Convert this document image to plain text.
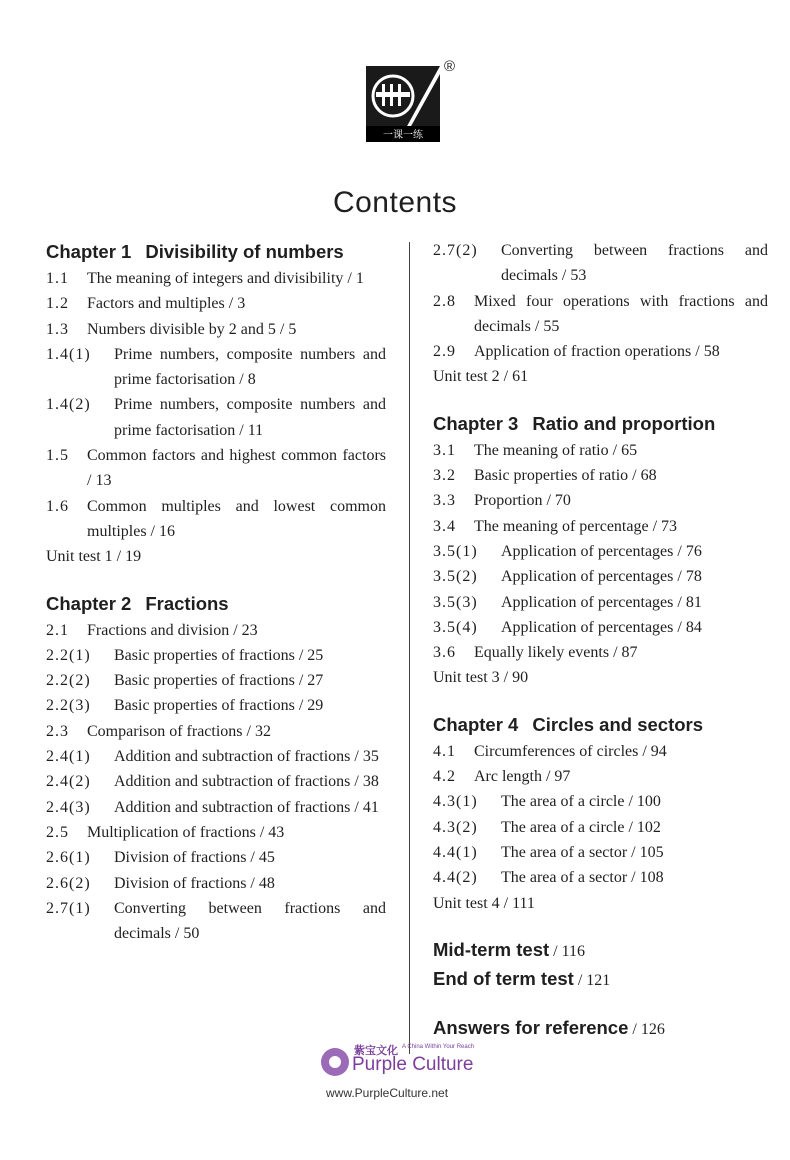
一课一练
®
Contents
Chapter 1 Divisibility of numbers
1.1	The meaning of integers and divisibility / 1
1.2	Factors and multiples / 3
1.3	Numbers divisible by 2 and 5 / 5
1.4(1)	Prime numbers, composite numbers and prime factorisation / 8
1.4(2)	Prime numbers, composite numbers and prime factorisation / 11
1.5	Common factors and highest common factors / 13
1.6	Common multiples and lowest common multiples / 16
Unit test 1 / 19
Chapter 2 Fractions
2.1	Fractions and division / 23
2.2(1)	Basic properties of fractions / 25
2.2(2)	Basic properties of fractions / 27
2.2(3)	Basic properties of fractions / 29
2.3	Comparison of fractions / 32
2.4(1)	Addition and subtraction of fractions / 35
2.4(2)	Addition and subtraction of fractions / 38
2.4(3)	Addition and subtraction of fractions / 41
2.5	Multiplication of fractions / 43
2.6(1)	Division of fractions / 45
2.6(2)	Division of fractions / 48
2.7(1)	Converting between fractions and decimals / 50
2.7(2)	Converting between fractions and decimals / 53
2.8	Mixed four operations with fractions and decimals / 55
2.9	Application of fraction operations / 58
Unit test 2 / 61
Chapter 3 Ratio and proportion
3.1	The meaning of ratio / 65
3.2	Basic properties of ratio / 68
3.3	Proportion / 70
3.4	The meaning of percentage / 73
3.5(1)	Application of percentages / 76
3.5(2)	Application of percentages / 78
3.5(3)	Application of percentages / 81
3.5(4)	Application of percentages / 84
3.6	Equally likely events / 87
Unit test 3 / 90
Chapter 4 Circles and sectors
4.1	Circumferences of circles / 94
4.2	Arc length / 97
4.3(1)	The area of a circle / 100
4.3(2)	The area of a circle / 102
4.4(1)	The area of a sector / 105
4.4(2)	The area of a sector / 108
Unit test 4 / 111
Mid-term test / 116
End of term test / 121
Answers for reference / 126
紫宝文化 A China Within Your Reach
Purple Culture
www.PurpleCulture.net
